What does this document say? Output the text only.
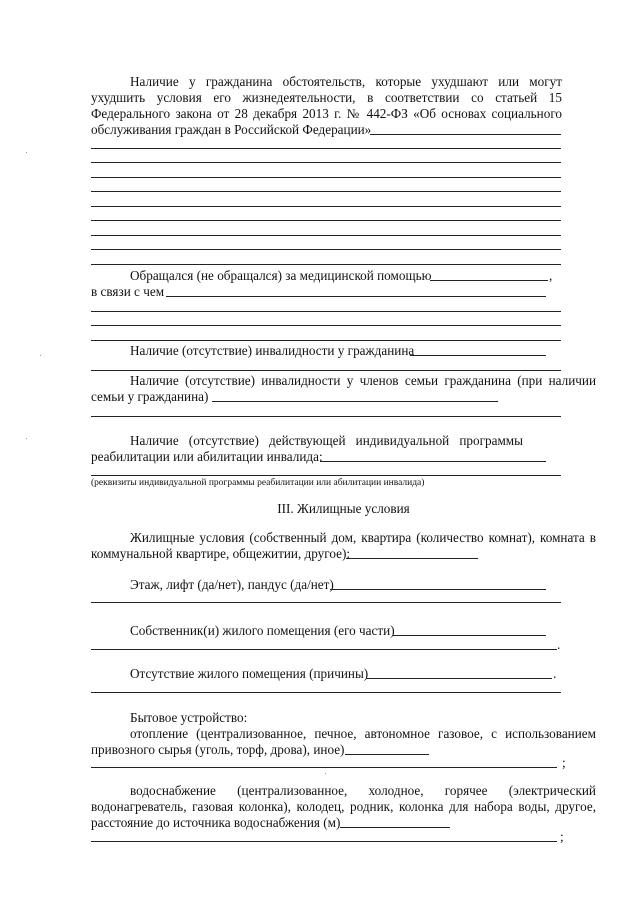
Наличие у гражданина обстоятельств, которые ухудшают или могут
ухудшить условия его жизнедеятельности, в соответствии со статьей 15
Федерального закона от 28 декабря 2013 г. № 442-ФЗ «Об основах социального
обслуживания граждан в Российской Федерации»
Обращался (не обращался) за медицинской помощью	,
в связи с чем
Наличие (отсутствие) инвалидности у гражданина
Наличие (отсутствие) инвалидности у членов семьи гражданина (при наличии
семьи у гражданина)
Наличие (отсутствие) действующей индивидуальной программы
реабилитации или абилитации инвалида:
(реквизиты индивидуальной программы реабилитации или абилитации инвалида)
III. Жилищные условия
Жилищные условия (собственный дом, квартира (количество комнат), комната в
коммунальной квартире, общежитии, другое):
Этаж, лифт (да/нет), пандус (да/нет)
Собственник(и) жилого помещения (его части)
.
Отсутствие жилого помещения (причины)	.
Бытовое устройство:
отопление (централизованное, печное, автономное газовое, с использованием
привозного сырья (уголь, торф, дрова), иное)
;
водоснабжение (централизованное, холодное, горячее (электрический
водонагреватель, газовая колонка), колодец, родник, колонка для набора воды, другое,
расстояние до источника водоснабжения (м)
;
